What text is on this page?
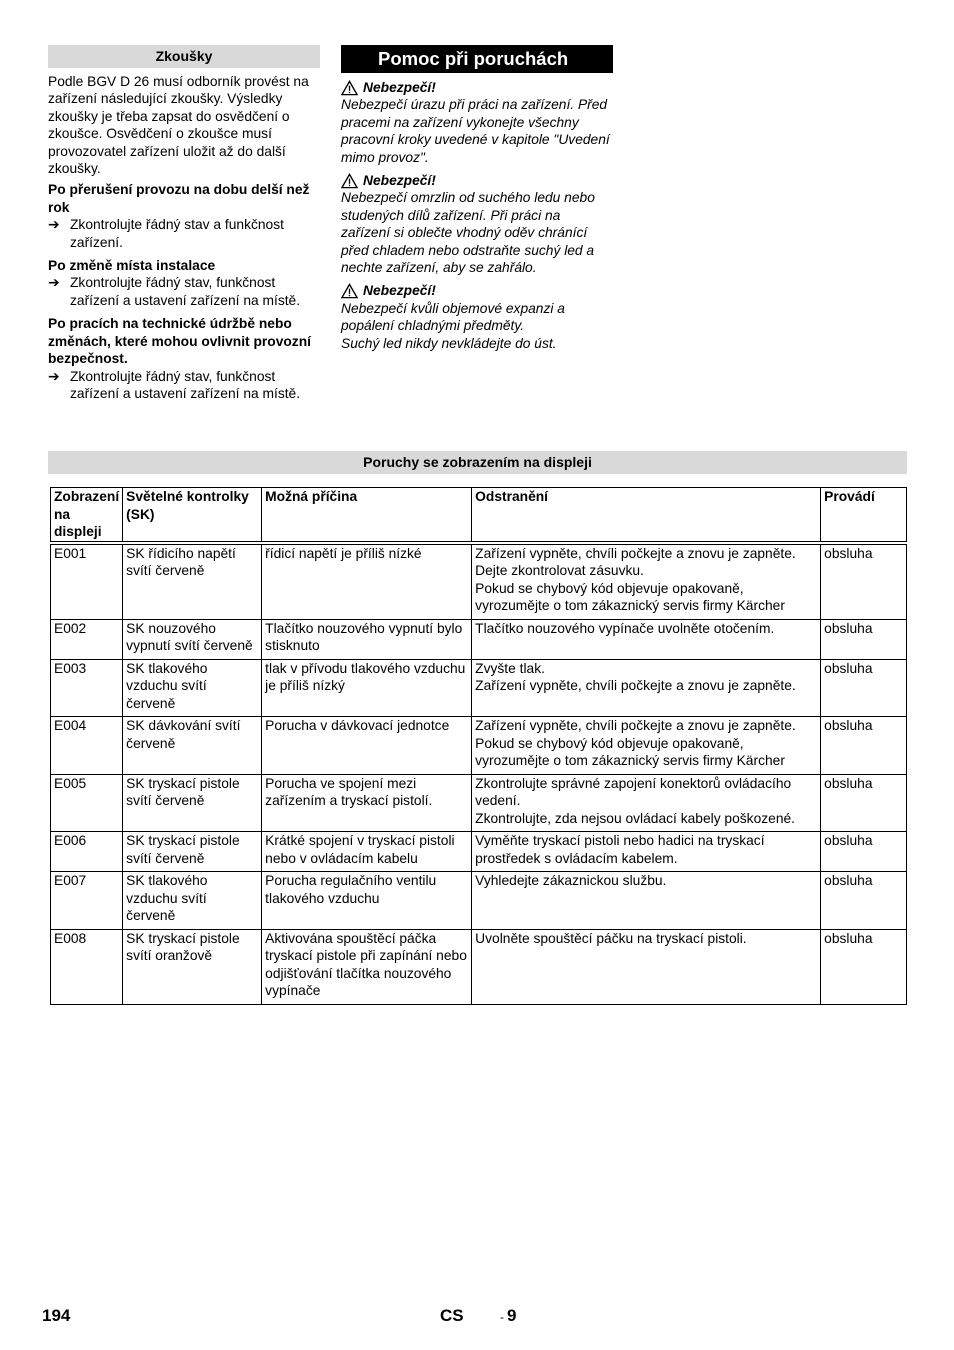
Zkoušky

Podle BGV D 26 musí odborník provést na zařízení následující zkoušky. Výsledky zkoušky je třeba zapsat do osvědčení o zkoušce. Osvědčení o zkoušce musí provozovatel zařízení uložit až do další zkoušky.

Po přerušení provozu na dobu delší než rok
➔ Zkontrolujte řádný stav a funkčnost zařízení.
Po změně místa instalace
➔ Zkontrolujte řádný stav, funkčnost zařízení a ustavení zařízení na místě.
Po pracích na technické údržbě nebo změnách, které mohou ovlivnit provozní bezpečnost.
➔ Zkontrolujte řádný stav, funkčnost zařízení a ustavení zařízení na místě.
Pomoc při poruchách
Nebezpečí!
Nebezpečí úrazu při práci na zařízení. Před pracemi na zařízení vykonejte všechny pracovní kroky uvedené v kapitole "Uvedení mimo provoz".
Nebezpečí!
Nebezpečí omrzlin od suchého ledu nebo studených dílů zařízení. Při práci na zařízení si oblečte vhodný oděv chránící před chladem nebo odstraňte suchý led a nechte zařízení, aby se zahřálo.
Nebezpečí!
Nebezpečí kvůli objemové expanzi a popálení chladnými předměty.
Suchý led nikdy nevkládejte do úst.
Poruchy se zobrazením na displeji
Zobrazení na displeji	Světelné kontrolky (SK)	Možná příčina	Odstranění	Provádí
E001	SK řídicího napětí svítí červeně	řídicí napětí je příliš nízké	Zařízení vypněte, chvíli počkejte a znovu je zapněte.
Dejte zkontrolovat zásuvku.
Pokud se chybový kód objevuje opakovaně, vyrozumějte o tom zákaznický servis firmy Kärcher	obsluha
E002	SK nouzového vypnutí svítí červeně	Tlačítko nouzového vypnutí bylo stisknuto	Tlačítko nouzového vypínače uvolněte otočením.	obsluha
E003	SK tlakového vzduchu svítí červeně	tlak v přívodu tlakového vzduchu je příliš nízký	Zvyšte tlak.
Zařízení vypněte, chvíli počkejte a znovu je zapněte.	obsluha
E004	SK dávkování svítí červeně	Porucha v dávkovací jednotce	Zařízení vypněte, chvíli počkejte a znovu je zapněte.
Pokud se chybový kód objevuje opakovaně, vyrozumějte o tom zákaznický servis firmy Kärcher	obsluha
E005	SK tryskací pistole svítí červeně	Porucha ve spojení mezi zařízením a tryskací pistolí.	Zkontrolujte správné zapojení konektorů ovládacího vedení.
Zkontrolujte, zda nejsou ovládací kabely poškozené.	obsluha
E006	SK tryskací pistole svítí červeně	Krátké spojení v tryskací pistoli nebo v ovládacím kabelu	Vyměňte tryskací pistoli nebo hadici na tryskací prostředek s ovládacím kabelem.	obsluha
E007	SK tlakového vzduchu svítí červeně	Porucha regulačního ventilu tlakového vzduchu	Vyhledejte zákaznickou službu.	obsluha
E008	SK tryskací pistole svítí oranžově	Aktivována spouštěcí páčka tryskací pistole při zapínání nebo odjišťování tlačítka nouzového vypínače	Uvolněte spouštěcí páčku na tryskací pistoli.	obsluha
194	CS	- 9
